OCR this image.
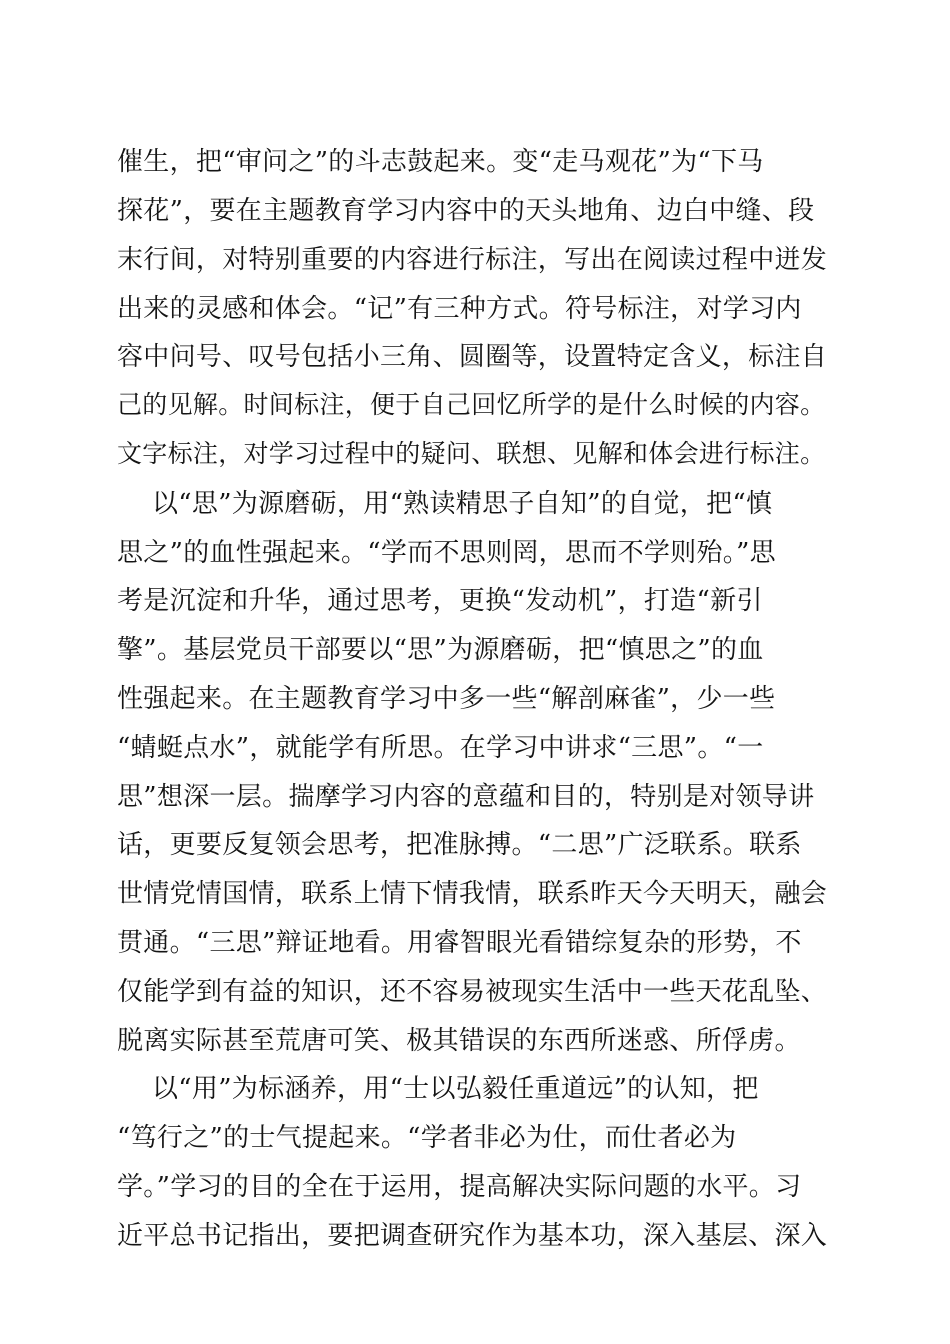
催生，把“审问之”的斗志鼓起来。变“走马观花”为“下马
探花”，要在主题教育学习内容中的天头地角、边白中缝、段
末行间，对特别重要的内容进行标注，写出在阅读过程中迸发
出来的灵感和体会。“记”有三种方式。符号标注，对学习内
容中问号、叹号包括小三角、圆圈等，设置特定含义，标注自
己的见解。时间标注，便于自己回忆所学的是什么时候的内容。
文字标注，对学习过程中的疑问、联想、见解和体会进行标注。
以“思”为源磨砺，用“熟读精思子自知”的自觉，把“慎
思之”的血性强起来。“学而不思则罔，思而不学则殆。”思
考是沉淀和升华，通过思考，更换“发动机”，打造“新引
擎”。基层党员干部要以“思”为源磨砺，把“慎思之”的血
性强起来。在主题教育学习中多一些“解剖麻雀”，少一些
“蜻蜓点水”，就能学有所思。在学习中讲求“三思”。“一
思”想深一层。揣摩学习内容的意蕴和目的，特别是对领导讲
话，更要反复领会思考，把准脉搏。“二思”广泛联系。联系
世情党情国情，联系上情下情我情，联系昨天今天明天，融会
贯通。“三思”辩证地看。用睿智眼光看错综复杂的形势，不
仅能学到有益的知识，还不容易被现实生活中一些天花乱坠、
脱离实际甚至荒唐可笑、极其错误的东西所迷惑、所俘虏。
以“用”为标涵养，用“士以弘毅任重道远”的认知，把
“笃行之”的士气提起来。“学者非必为仕，而仕者必为
学。”学习的目的全在于运用，提高解决实际问题的水平。习
近平总书记指出，要把调查研究作为基本功，深入基层、深入
